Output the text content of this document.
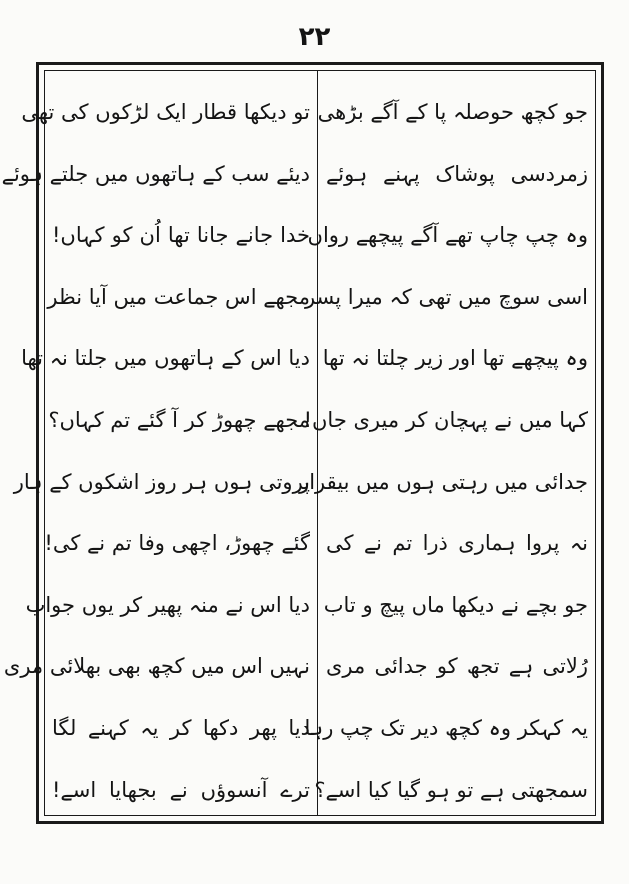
۲۲
جو کچھ حوصلہ پا کے آگے بڑھی
زمردسی پوشاک پہنے ہوئے
وہ چپ چاپ تھے آگے پیچھے رواں
اسی سوچ میں تھی کہ میرا پسر
وہ پیچھے تھا اور زیر چلتا نہ تھا
کہا میں نے پہچان کر میری جاں!
جدائی میں رہتی ہوں میں بیقرار
نہ پروا ہماری ذرا تم نے کی
جو بچے نے دیکھا ماں پیچ و تاب
رُلاتی ہے تجھ کو جدائی مری
یہ کہکر وہ کچھ دیر تک چپ رہا
سمجھتی ہے تو ہو گیا کیا اسے؟
تو دیکھا قطار ایک لڑکوں کی تھی
دیئے سب کے ہاتھوں میں جلتے ہوئے
خدا جانے جانا تھا اُن کو کہاں!
مجھے اس جماعت میں آیا نظر
دیا اس کے ہاتھوں میں جلتا نہ تھا
مجھے چھوڑ کر آ گئے تم کہاں؟
پروتی ہوں ہر روز اشکوں کے ہار
گئے چھوڑ، اچھی وفا تم نے کی!
دیا اس نے منہ پھیر کر یوں جواب
نہیں اس میں کچھ بھی بھلائی مری
دیا پھر دکھا کر یہ کہنے لگا
ترے آنسوؤں نے بجھایا اسے!
